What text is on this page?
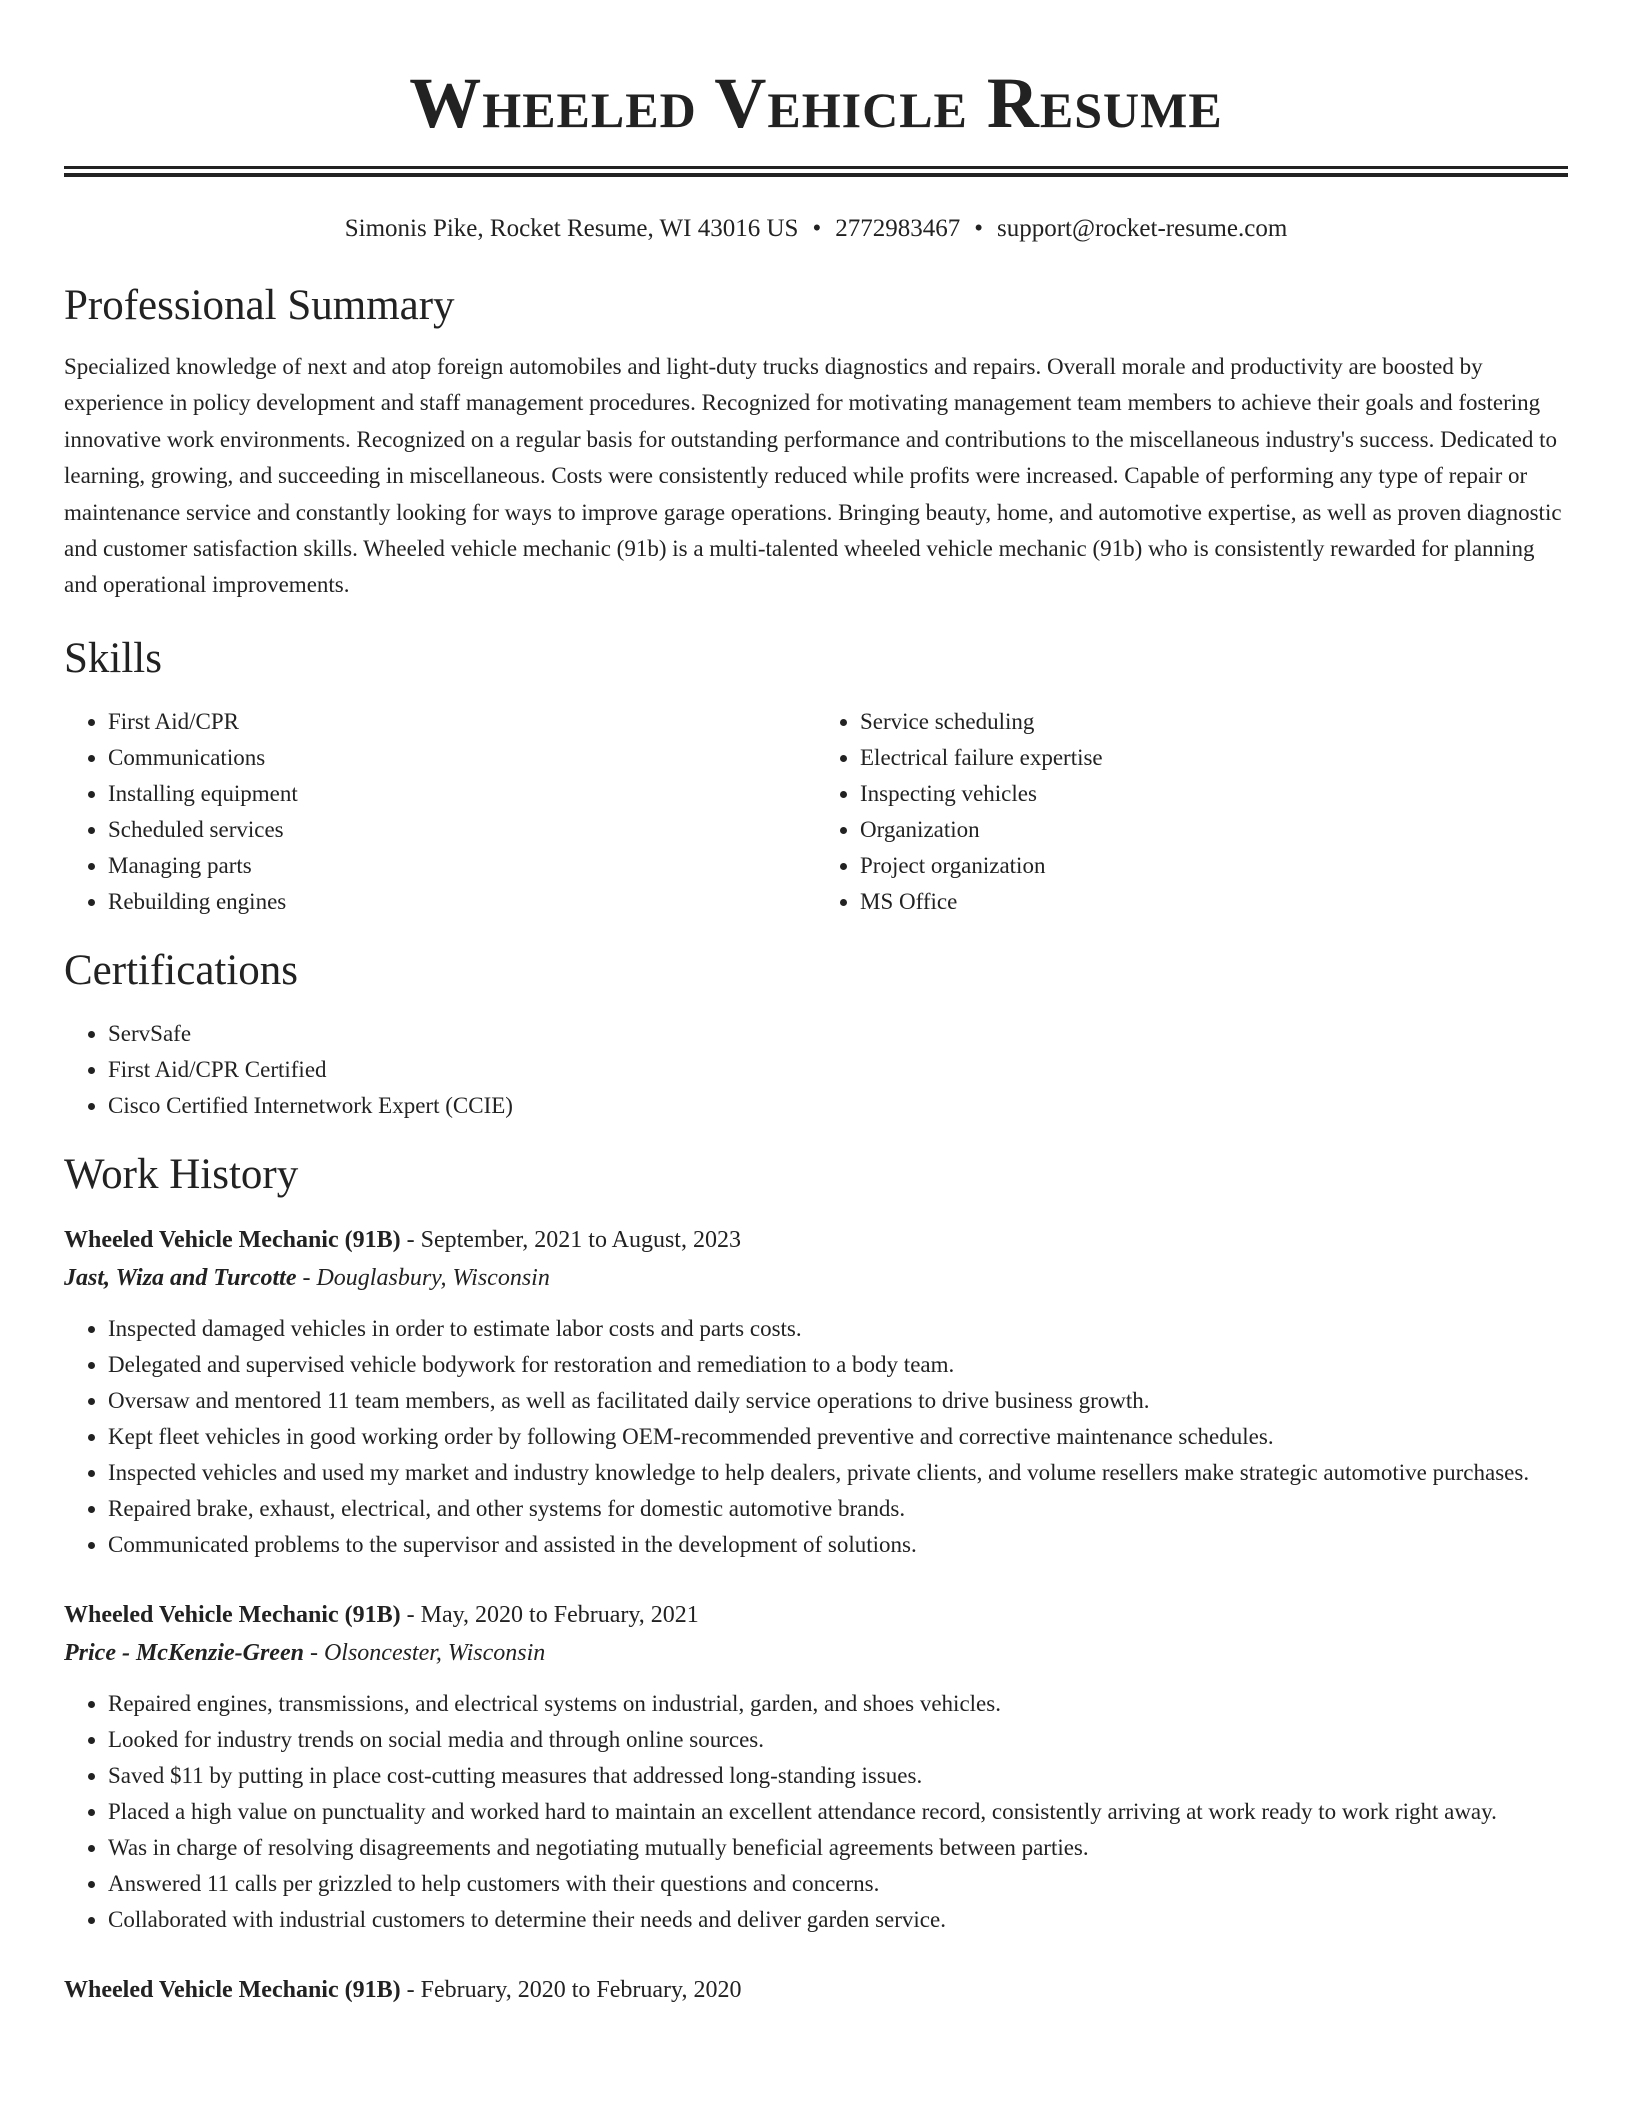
Wheeled Vehicle Resume
Simonis Pike, Rocket Resume, WI 43016 US • 2772983467 • support@rocket-resume.com
Professional Summary

Specialized knowledge of next and atop foreign automobiles and light-duty trucks diagnostics and repairs. Overall morale and productivity are boosted by experience in policy development and staff management procedures. Recognized for motivating management team members to achieve their goals and fostering innovative work environments. Recognized on a regular basis for outstanding performance and contributions to the miscellaneous industry's success. Dedicated to learning, growing, and succeeding in miscellaneous. Costs were consistently reduced while profits were increased. Capable of performing any type of repair or maintenance service and constantly looking for ways to improve garage operations. Bringing beauty, home, and automotive expertise, as well as proven diagnostic and customer satisfaction skills. Wheeled vehicle mechanic (91b) is a multi-talented wheeled vehicle mechanic (91b) who is consistently rewarded for planning and operational improvements.

Skills
• First Aid/CPR
• Communications
• Installing equipment
• Scheduled services
• Managing parts
• Rebuilding engines
• Service scheduling
• Electrical failure expertise
• Inspecting vehicles
• Organization
• Project organization
• MS Office
Certifications
• ServSafe
• First Aid/CPR Certified
• Cisco Certified Internetwork Expert (CCIE)
Work History
Wheeled Vehicle Mechanic (91B) - September, 2021 to August, 2023
Jast, Wiza and Turcotte - Douglasbury, Wisconsin
• Inspected damaged vehicles in order to estimate labor costs and parts costs.
• Delegated and supervised vehicle bodywork for restoration and remediation to a body team.
• Oversaw and mentored 11 team members, as well as facilitated daily service operations to drive business growth.
• Kept fleet vehicles in good working order by following OEM-recommended preventive and corrective maintenance schedules.
• Inspected vehicles and used my market and industry knowledge to help dealers, private clients, and volume resellers make strategic automotive purchases.
• Repaired brake, exhaust, electrical, and other systems for domestic automotive brands.
• Communicated problems to the supervisor and assisted in the development of solutions.
Wheeled Vehicle Mechanic (91B) - May, 2020 to February, 2021
Price - McKenzie-Green - Olsoncester, Wisconsin
• Repaired engines, transmissions, and electrical systems on industrial, garden, and shoes vehicles.
• Looked for industry trends on social media and through online sources.
• Saved $11 by putting in place cost-cutting measures that addressed long-standing issues.
• Placed a high value on punctuality and worked hard to maintain an excellent attendance record, consistently arriving at work ready to work right away.
• Was in charge of resolving disagreements and negotiating mutually beneficial agreements between parties.
• Answered 11 calls per grizzled to help customers with their questions and concerns.
• Collaborated with industrial customers to determine their needs and deliver garden service.
Wheeled Vehicle Mechanic (91B) - February, 2020 to February, 2020
